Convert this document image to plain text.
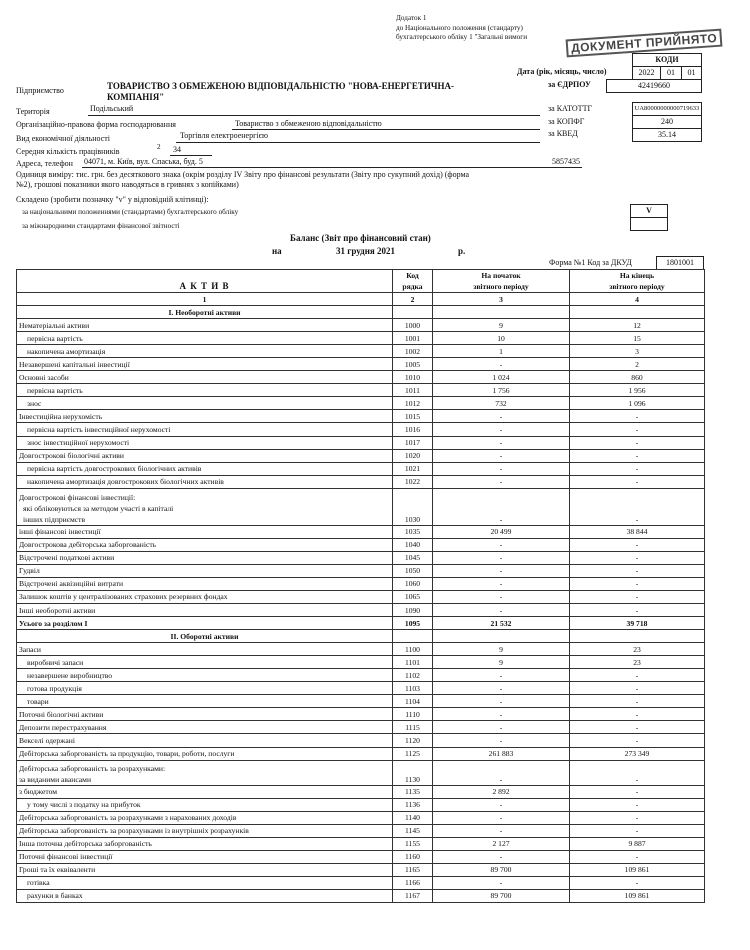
Додаток 1
до Національного положення (стандарту)
бухгалтерського обліку 1 "Загальні вимоги	ДОКУМЕНТ ПРИЙНЯТО
КОДИ
Дата (рік, місяць, число)	2022	01	01
за ЄДРПОУ	42419660
Підприємство	ТОВАРИСТВО З ОБМЕЖЕНОЮ ВІДПОВІДАЛЬНІСТЮ "НОВА-ЕНЕРГЕТИЧНА-
КОМПАНІЯ"
Територія	Подільський	за КАТОТТГ	UA80000000000719633
Організаційно-правова форма господарювання	Товариство з обмеженою відповідальністю	за КОПФГ	240
Вид економічної діяльності	Торгівля електроенергією	за КВЕД	35.14
Середня кількість працівників	2 34
Адреса, телефон 04071, м. Київ, вул. Спаська, буд. 5	5857435
Одиниця виміру: тис. грн. без десяткового знака (окрім розділу IV Звіту про фінансові результати (Звіту про сукупний дохід) (форма
№2), грошові показники якого наводяться в гривнях з копійками)
Складено (зробити позначку "v" у відповідній клітинці):
за національними положеннями (стандартами) бухгалтерського обліку	V
за міжнародними стандартами фінансової звітності
Баланс (Звіт про фінансовий стан)
на	31 грудня 2021	р.
Форма №1 Код за ДКУД	1801001
А К Т И В	Код
рядка	На початок
звітного періоду	На кінець
звітного періоду
1	2	3	4
I. Необоротні активи			
Нематеріальні активи	1000	9	12
первісна вартість	1001	10	15
накопичена амортизація	1002	1	3
Незавершені капітальні інвестиції	1005	-	2
Основні засоби	1010	1 024	860
первісна вартість	1011	1 756	1 956
знос	1012	732	1 096
Інвестиційна нерухомість	1015	-	-
первісна вартість інвестиційної нерухомості	1016	-	-
знос інвестиційної нерухомості	1017	-	-
Довгострокові біологічні активи	1020	-	-
первісна вартість довгострокових біологічних активів	1021	-	-
накопичена амортизація довгострокових біологічних активів	1022	-	-

Довгострокові фінансові інвестиції:
які обліковуються за методом участі в капіталі
інших підприємств	1030	-	-
інші фінансові інвестиції	1035	20 499	38 844
Довгострокова дебіторська заборгованість	1040	-	-
Відстрочені податкові активи	1045	-	-
Гудвіл	1050	-	-
Відстрочені аквізиційні витрати	1060	-	-
Залишок коштів у централізованих страхових резервних фондах	1065	-	-
Інші необоротні активи	1090	-	-
Усього за розділом I	1095	21 532	39 718
II. Оборотні активи			
Запаси	1100	9	23
виробничі запаси	1101	9	23
незавершене виробництво	1102	-	-
готова продукція	1103	-	-
товари	1104	-	-
Поточні біологічні активи	1110	-	-
Депозити перестрахування	1115	-	-
Векселі одержані	1120	-	-
Дебіторська заборгованість за продукцію, товари, роботи, послуги	1125	261 883	273 349

Дебіторська заборгованість за розрахунками:
за виданими авансами	1130	-	-
з бюджетом	1135	2 892	-
у тому числі з податку на прибуток	1136	-	-
Дебіторська заборгованість за розрахунками з нарахованих доходів	1140	-	-
Дебіторська заборгованість за розрахунками із внутрішніх розрахунків	1145	-	-
Інша поточна дебіторська заборгованість	1155	2 127	9 887
Поточні фінансові інвестиції	1160	-	-
Гроші та їх еквіваленти	1165	89 700	109 861
готівка	1166	-	-
рахунки в банках	1167	89 700	109 861
